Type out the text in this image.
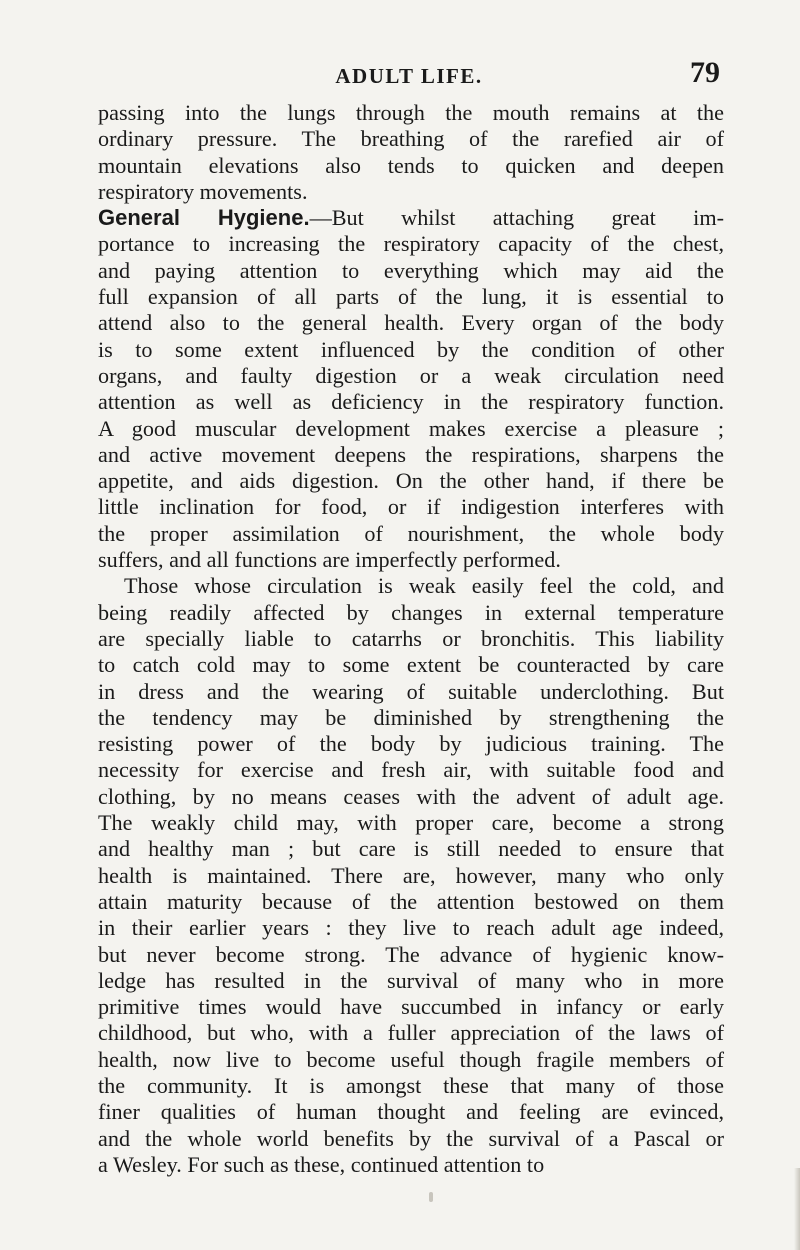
ADULT LIFE.	79
passing into the lungs through the mouth remains at the
ordinary pressure. The breathing of the rarefied air of
mountain elevations also tends to quicken and deepen
respiratory movements.
General Hygiene.—But whilst attaching great im-
portance to increasing the respiratory capacity of the chest,
and paying attention to everything which may aid the
full expansion of all parts of the lung, it is essential to
attend also to the general health. Every organ of the body
is to some extent influenced by the condition of other
organs, and faulty digestion or a weak circulation need
attention as well as deficiency in the respiratory function.
A good muscular development makes exercise a pleasure ;
and active movement deepens the respirations, sharpens the
appetite, and aids digestion. On the other hand, if there be
little inclination for food, or if indigestion interferes with
the proper assimilation of nourishment, the whole body
suffers, and all functions are imperfectly performed.
Those whose circulation is weak easily feel the cold, and
being readily affected by changes in external temperature
are specially liable to catarrhs or bronchitis. This liability
to catch cold may to some extent be counteracted by care
in dress and the wearing of suitable underclothing. But
the tendency may be diminished by strengthening the
resisting power of the body by judicious training. The
necessity for exercise and fresh air, with suitable food and
clothing, by no means ceases with the advent of adult age.
The weakly child may, with proper care, become a strong
and healthy man ; but care is still needed to ensure that
health is maintained. There are, however, many who only
attain maturity because of the attention bestowed on them
in their earlier years : they live to reach adult age indeed,
but never become strong. The advance of hygienic know-
ledge has resulted in the survival of many who in more
primitive times would have succumbed in infancy or early
childhood, but who, with a fuller appreciation of the laws of
health, now live to become useful though fragile members of
the community. It is amongst these that many of those
finer qualities of human thought and feeling are evinced,
and the whole world benefits by the survival of a Pascal or
a Wesley. For such as these, continued attention to
